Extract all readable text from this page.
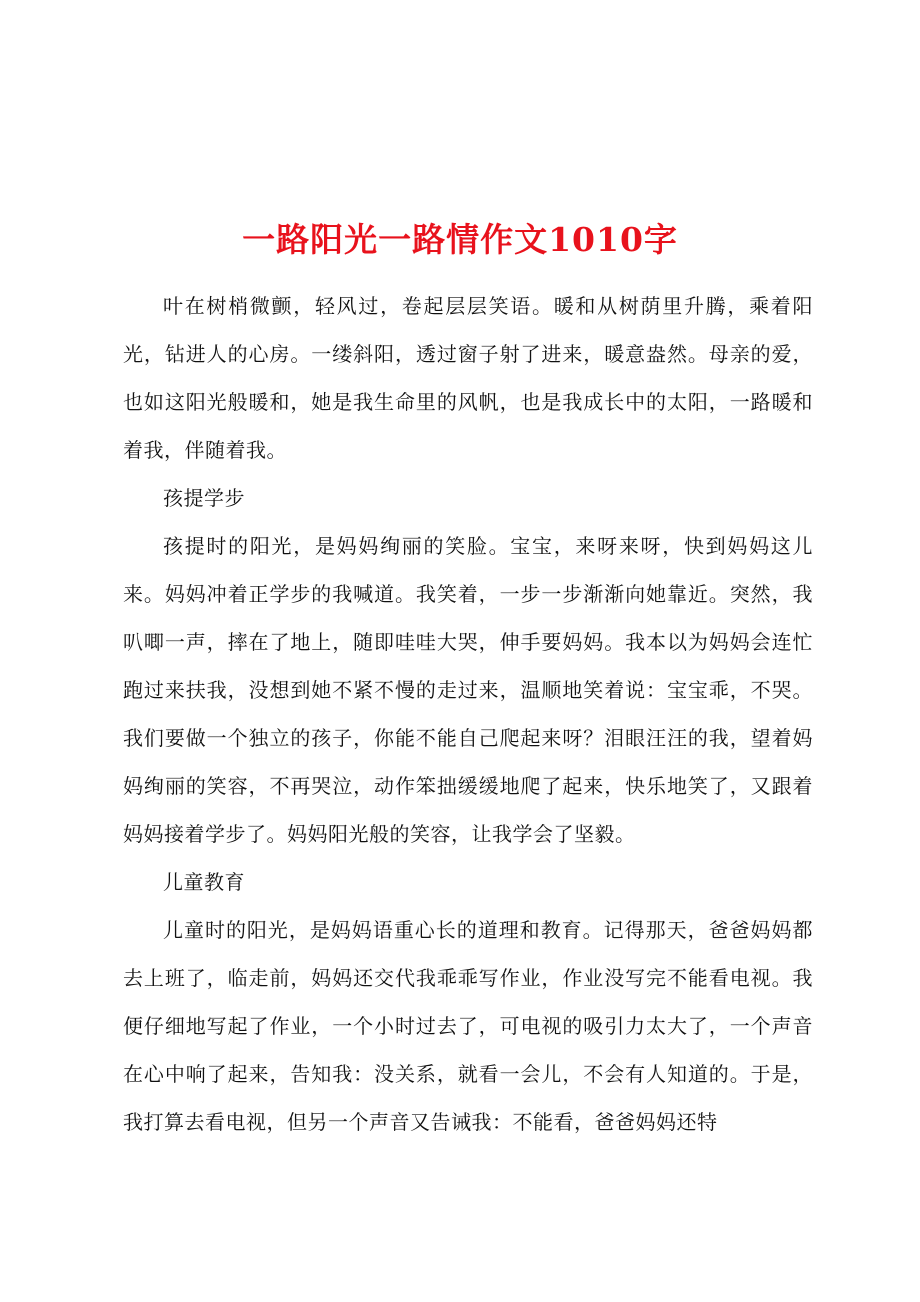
一路阳光一路情作文1010字

叶在树梢微颤，轻风过，卷起层层笑语。暖和从树荫里升腾，乘着阳光，钻进人的心房。一缕斜阳，透过窗子射了进来，暖意盎然。母亲的爱，也如这阳光般暖和，她是我生命里的风帆，也是我成长中的太阳，一路暖和着我，伴随着我。

孩提学步

孩提时的阳光，是妈妈绚丽的笑脸。宝宝，来呀来呀，快到妈妈这儿来。妈妈冲着正学步的我喊道。我笑着，一步一步渐渐向她靠近。突然，我叭唧一声，摔在了地上，随即哇哇大哭，伸手要妈妈。我本以为妈妈会连忙跑过来扶我，没想到她不紧不慢的走过来，温顺地笑着说：宝宝乖，不哭。我们要做一个独立的孩子，你能不能自己爬起来呀？泪眼汪汪的我，望着妈妈绚丽的笑容，不再哭泣，动作笨拙缓缓地爬了起来，快乐地笑了，又跟着妈妈接着学步了。妈妈阳光般的笑容，让我学会了坚毅。

儿童教育

儿童时的阳光，是妈妈语重心长的道理和教育。记得那天，爸爸妈妈都去上班了，临走前，妈妈还交代我乖乖写作业，作业没写完不能看电视。我便仔细地写起了作业，一个小时过去了，可电视的吸引力太大了，一个声音在心中响了起来，告知我：没关系，就看一会儿，不会有人知道的。于是，我打算去看电视，但另一个声音又告诫我：不能看，爸爸妈妈还特
